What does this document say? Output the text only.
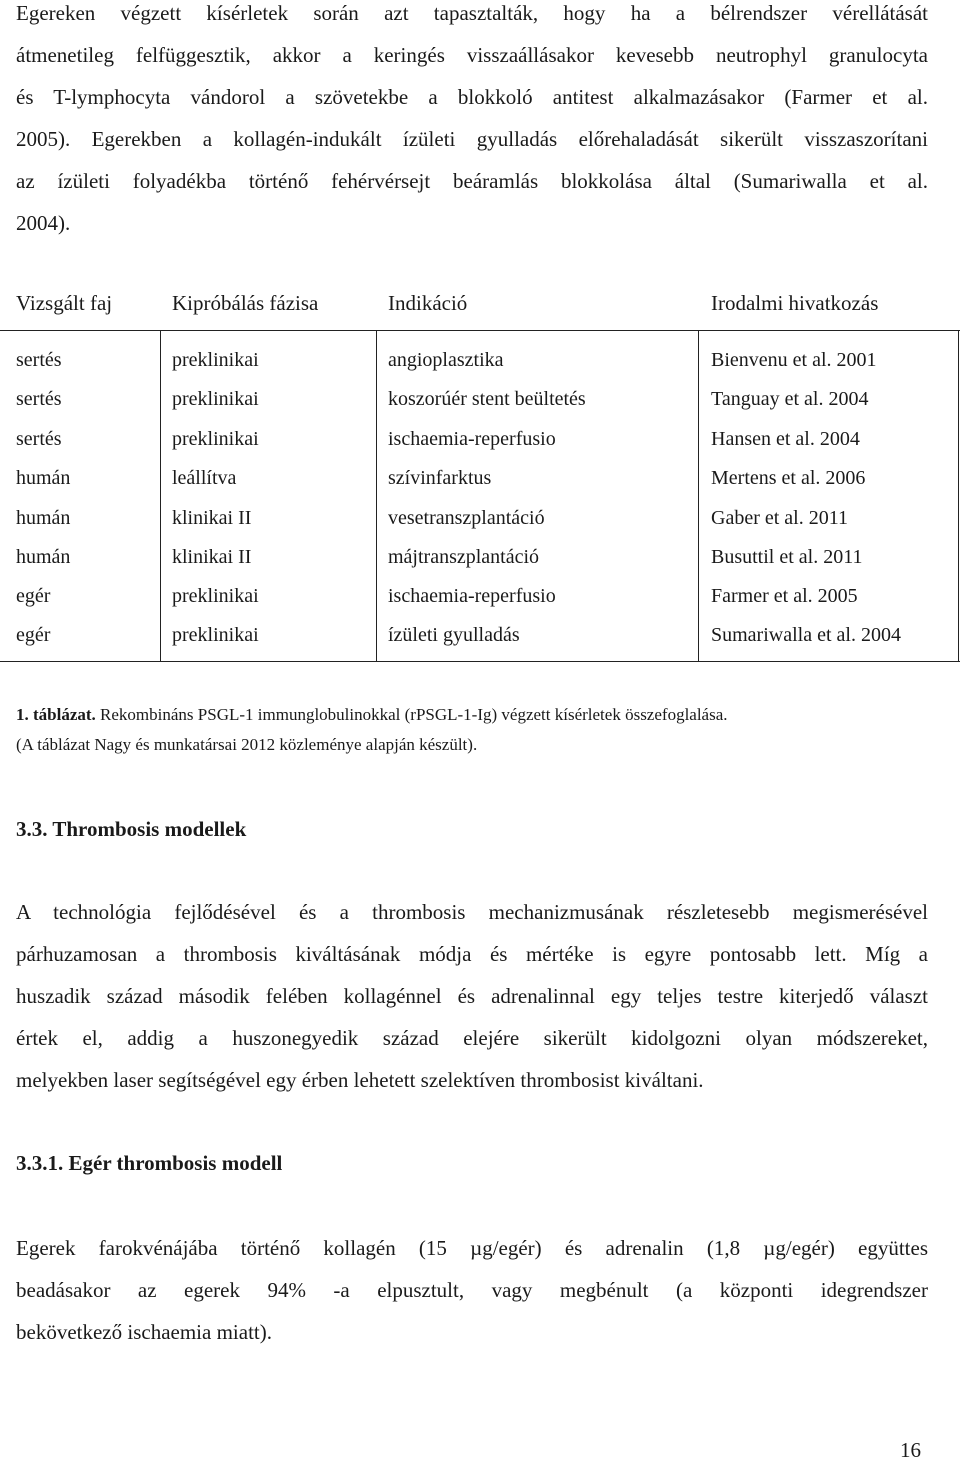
Egereken végzett kísérletek során azt tapasztalták, hogy ha a bélrendszer vérellátását
átmenetileg felfüggesztik, akkor a keringés visszaállásakor kevesebb neutrophyl granulocyta
és T-lymphocyta vándorol a szövetekbe a blokkoló antitest alkalmazásakor (Farmer et al.
2005). Egerekben a kollagén-indukált ízületi gyulladás előrehaladását sikerült visszaszorítani
az ízületi folyadékba történő fehérvérsejt beáramlás blokkolása által (Sumariwalla et al.
2004).
Vizsgált faj	Kipróbálás fázisa	Indikáció	Irodalmi hivatkozás
sertés	preklinikai	angioplasztika	Bienvenu et al. 2001
sertés	preklinikai	koszorúér stent beültetés	Tanguay et al. 2004
sertés	preklinikai	ischaemia-reperfusio	Hansen et al. 2004
humán	leállítva	szívinfarktus	Mertens et al. 2006
humán	klinikai II	vesetranszplantáció	Gaber et al. 2011
humán	klinikai II	májtranszplantáció	Busuttil et al. 2011
egér	preklinikai	ischaemia-reperfusio	Farmer et al. 2005
egér	preklinikai	ízületi gyulladás	Sumariwalla et al. 2004
1. táblázat. Rekombináns PSGL-1 immunglobulinokkal (rPSGL-1-Ig) végzett kísérletek összefoglalása.
(A táblázat Nagy és munkatársai 2012 közleménye alapján készült).
3.3. Thrombosis modellek
A technológia fejlődésével és a thrombosis mechanizmusának részletesebb megismerésével
párhuzamosan a thrombosis kiváltásának módja és mértéke is egyre pontosabb lett. Míg a
huszadik század második felében kollagénnel és adrenalinnal egy teljes testre kiterjedő választ
értek el, addig a huszonegyedik század elejére sikerült kidolgozni olyan módszereket,
melyekben laser segítségével egy érben lehetett szelektíven thrombosist kiváltani.
3.3.1. Egér thrombosis modell
Egerek farokvénájába történő kollagén (15 µg/egér) és adrenalin (1,8 µg/egér) együttes
beadásakor az egerek 94% -a elpusztult, vagy megbénult (a központi idegrendszer
bekövetkező ischaemia miatt).
16
